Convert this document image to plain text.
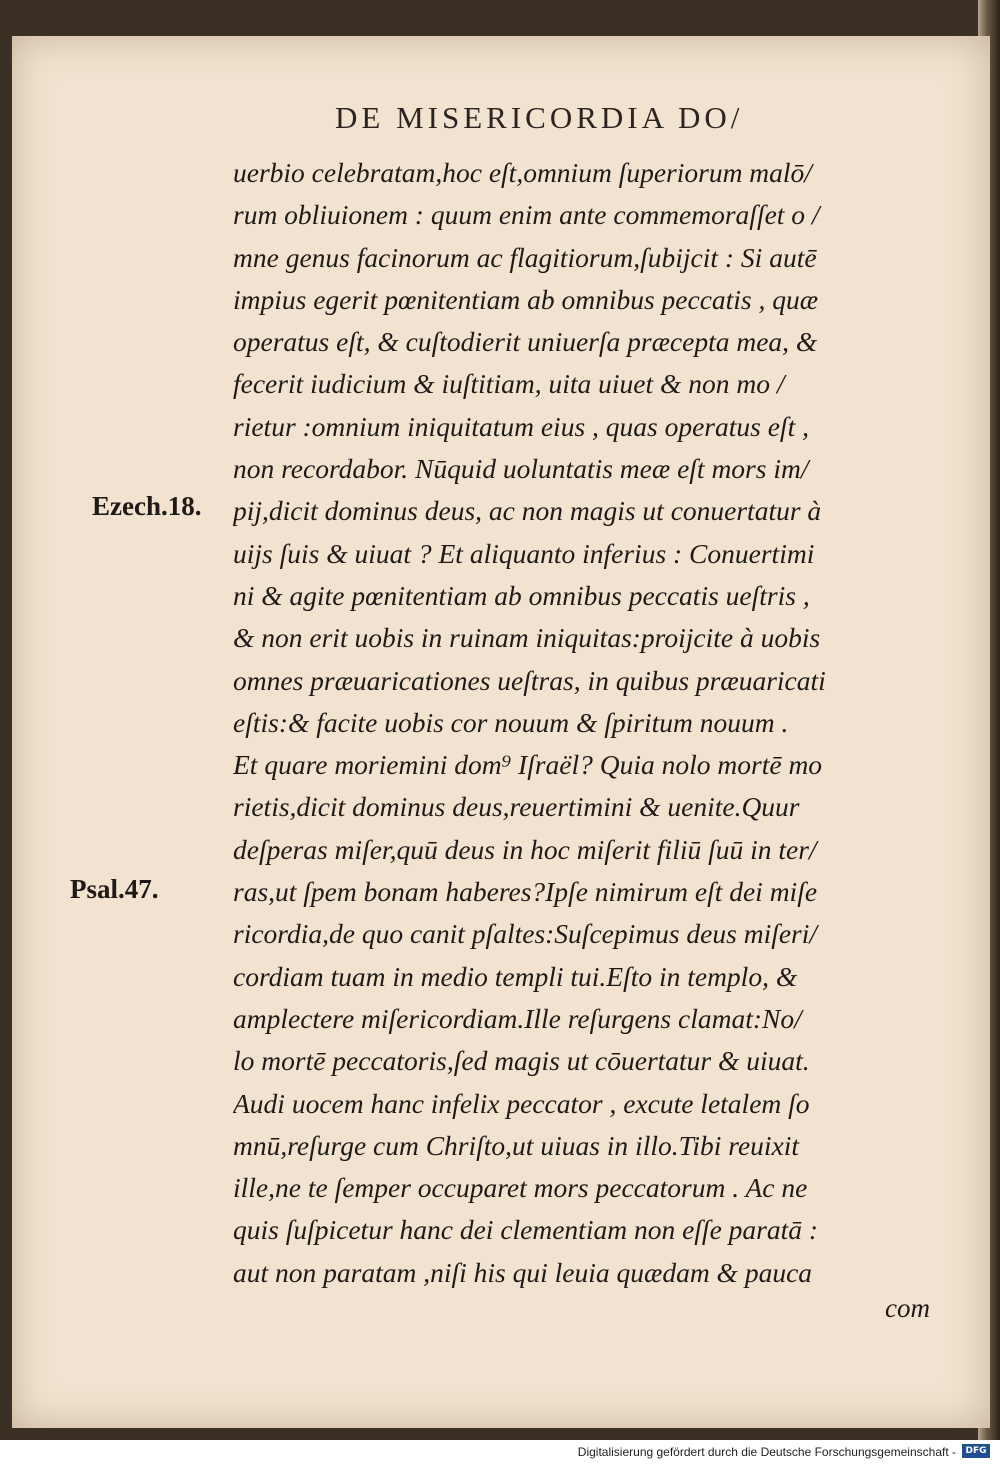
DE MISERICORDIA DO/
Ezech.18.
Psal.47.
uerbio celebratam,hoc eſt,omnium ſuperiorum malō/
rum obliuionem : quum enim ante commemoraſſet o /
mne genus facinorum ac flagitiorum,ſubijcit : Si autē
impius egerit pœnitentiam ab omnibus peccatis , quæ
operatus eſt, & cuſtodierit uniuerſa præcepta mea, &
fecerit iudicium & iuſtitiam, uita uiuet & non mo /
rietur :omnium iniquitatum eius , quas operatus eſt ,
non recordabor. Nūquid uoluntatis meæ eſt mors im/
pij,dicit dominus deus, ac non magis ut conuertatur à
uijs ſuis & uiuat ? Et aliquanto inferius : Conuertimi
ni & agite pœnitentiam ab omnibus peccatis ueſtris ,
& non erit uobis in ruinam iniquitas:proijcite à uobis
omnes præuaricationes ueſtras, in quibus præuaricati
eſtis:& facite uobis cor nouum & ſpiritum nouum .
Et quare moriemini dom⁹ Iſraël? Quia nolo mortē mo
rietis,dicit dominus deus,reuertimini & uenite.Quur
deſperas miſer,quū deus in hoc miſerit filiū ſuū in ter/
ras,ut ſpem bonam haberes?Ipſe nimirum eſt dei miſe
ricordia,de quo canit pſaltes:Suſcepimus deus miſeri/
cordiam tuam in medio templi tui.Eſto in templo, &
amplectere miſericordiam.Ille reſurgens clamat:No/
lo mortē peccatoris,ſed magis ut cōuertatur & uiuat.
Audi uocem hanc infelix peccator , excute letalem ſo
mnū,reſurge cum Chriſto,ut uiuas in illo.Tibi reuixit
ille,ne te ſemper occuparet mors peccatorum . Ac ne
quis ſuſpicetur hanc dei clementiam non eſſe paratā :
aut non paratam ,niſi his qui leuia quædam & pauca
com
Digitalisierung gefördert durch die Deutsche Forschungsgemeinschaft -	DFG
